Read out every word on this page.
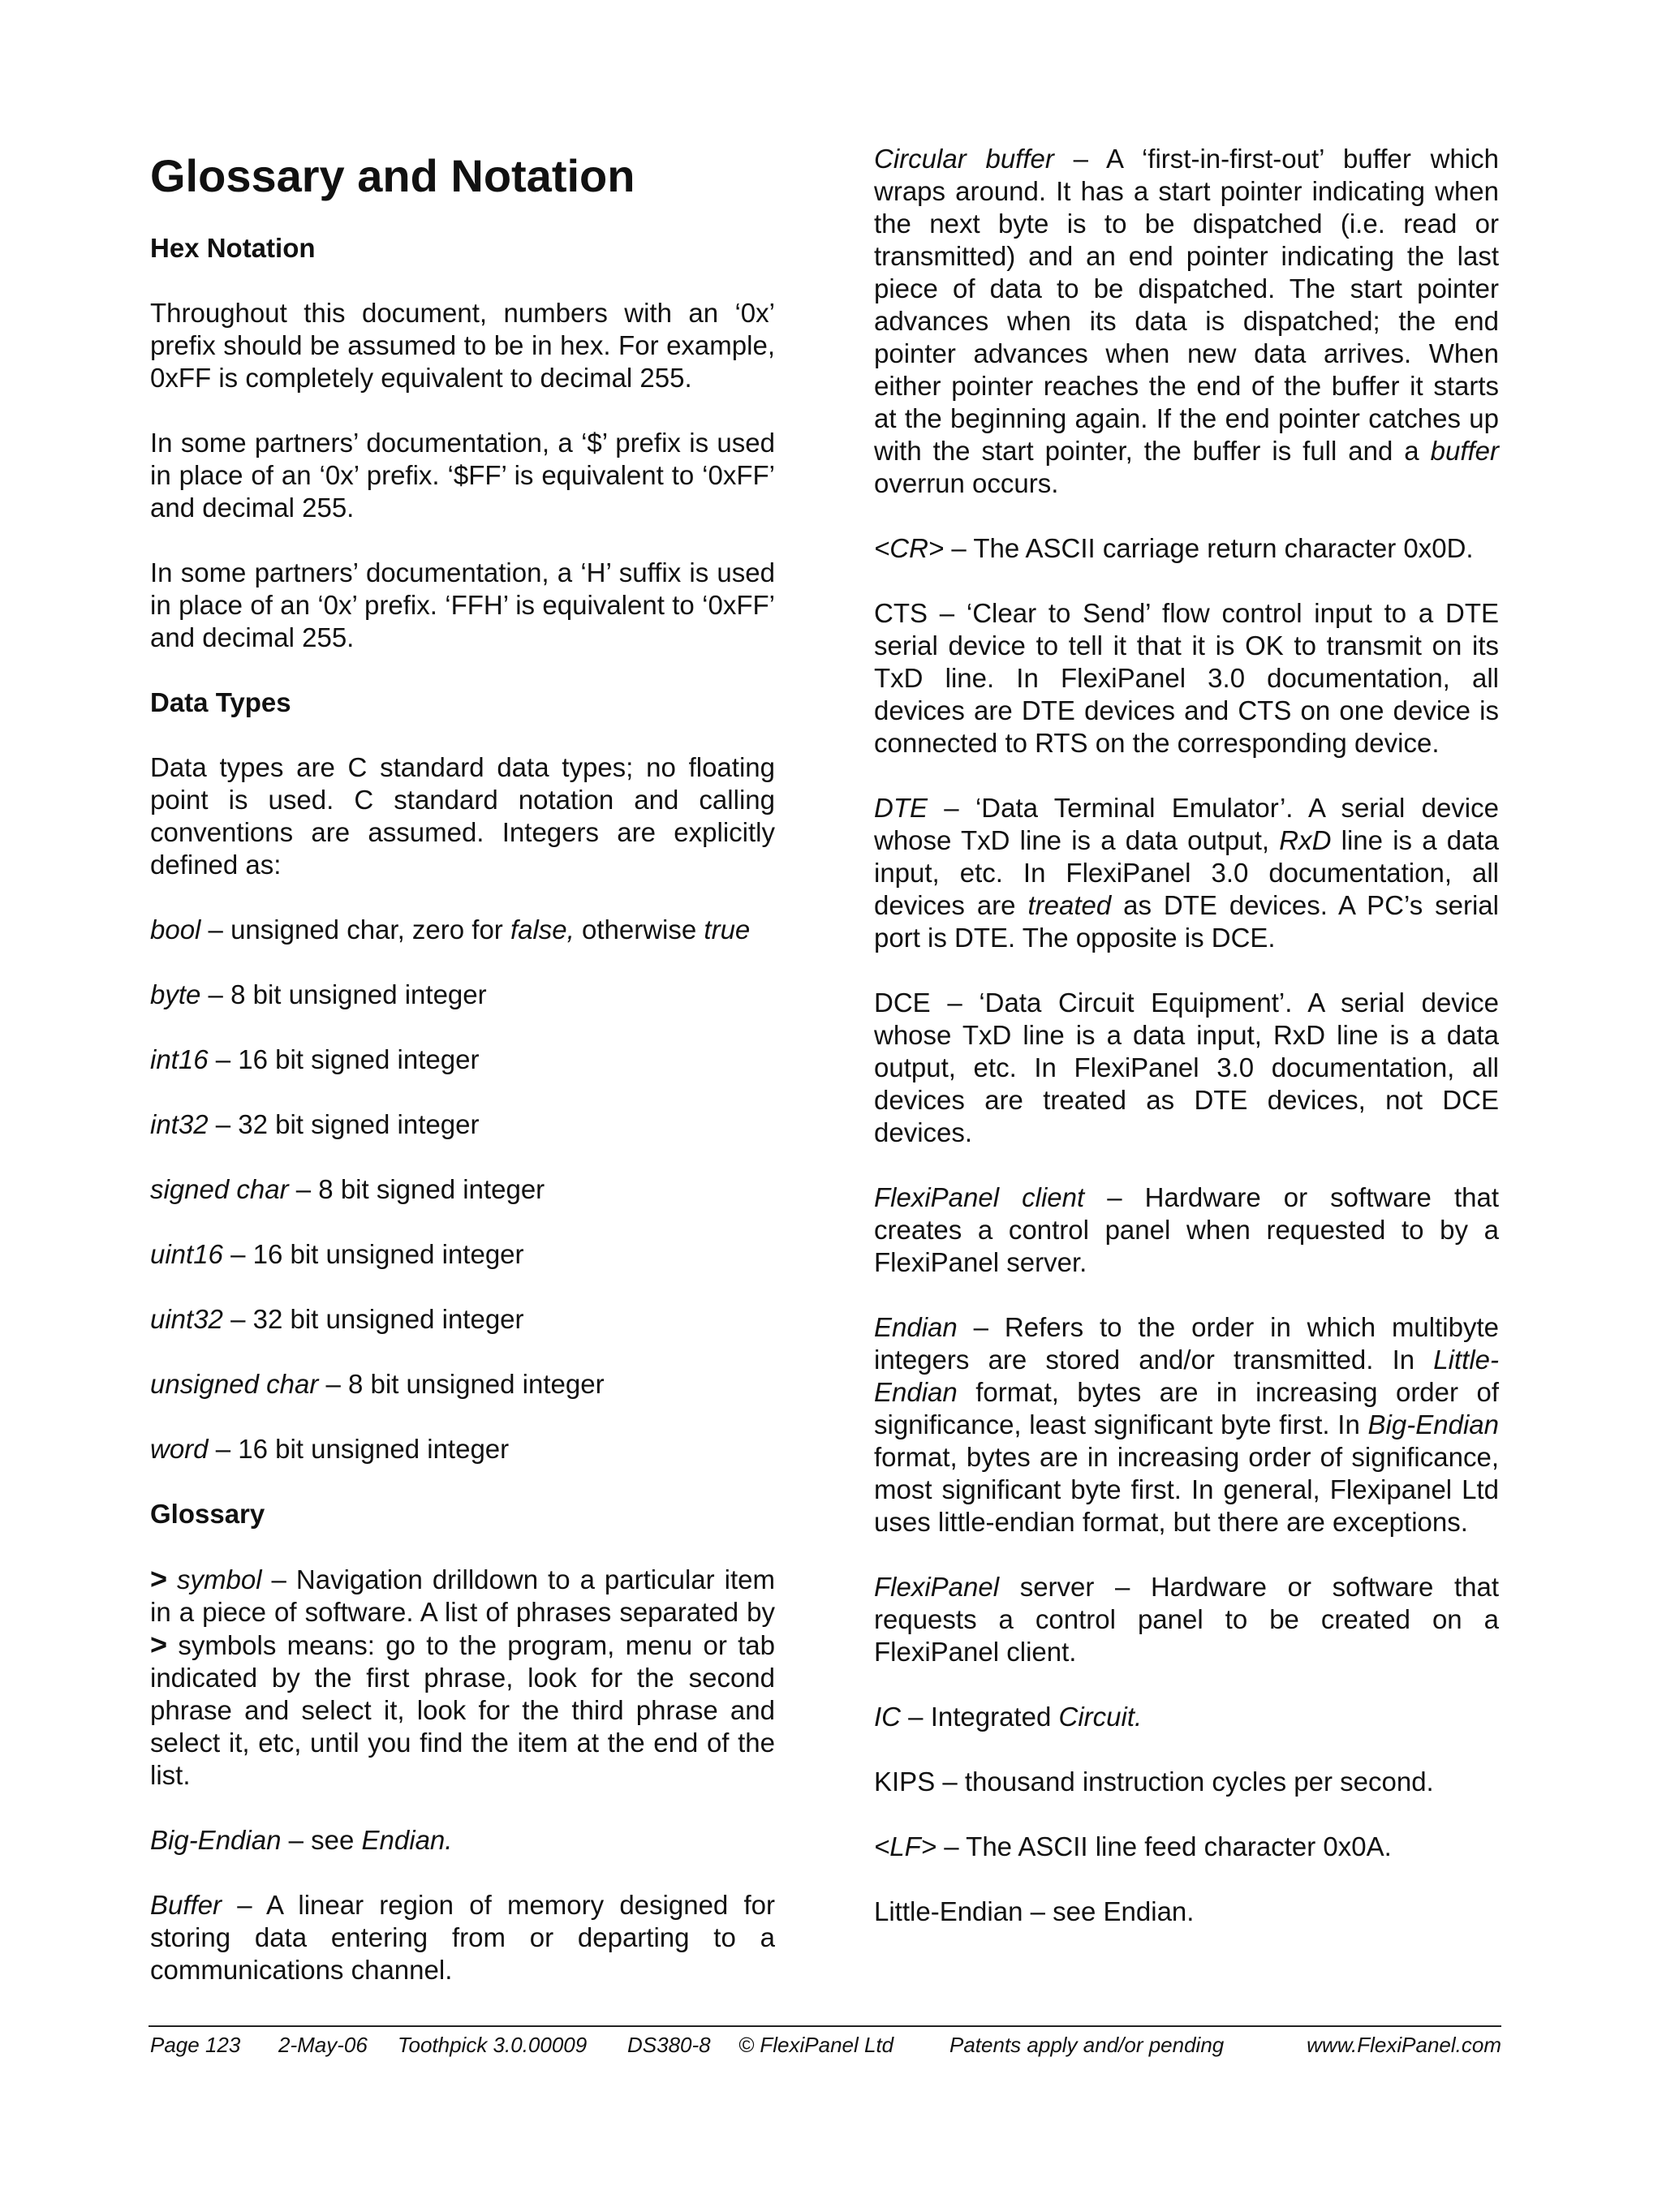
Glossary and Notation
Hex Notation
Throughout this document, numbers with an ‘0x’ prefix should be assumed to be in hex. For example, 0xFF is completely equivalent to decimal 255.
In some partners’ documentation, a ‘$’ prefix is used in place of an ‘0x’ prefix. ‘$FF’ is equivalent to ‘0xFF’ and decimal 255.
In some partners’ documentation, a ‘H’ suffix is used in place of an ‘0x’ prefix. ‘FFH’ is equivalent to ‘0xFF’ and decimal 255.
Data Types
Data types are C standard data types; no floating point is used. C standard notation and calling conventions are assumed. Integers are explicitly defined as:
bool – unsigned char, zero for false, otherwise true
byte – 8 bit unsigned integer
int16 – 16 bit signed integer
int32 – 32 bit signed integer
signed char – 8 bit signed integer
uint16 – 16 bit unsigned integer
uint32 – 32 bit unsigned integer
unsigned char – 8 bit unsigned integer
word – 16 bit unsigned integer
Glossary
> symbol – Navigation drilldown to a particular item in a piece of software. A list of phrases separated by > symbols means: go to the program, menu or tab indicated by the first phrase, look for the second phrase and select it, look for the third phrase and select it, etc, until you find the item at the end of the list.
Big-Endian – see Endian.
Buffer – A linear region of memory designed for storing data entering from or departing to a communications channel.
Circular buffer – A ‘first-in-first-out’ buffer which wraps around. It has a start pointer indicating when the next byte is to be dispatched (i.e. read or transmitted) and an end pointer indicating the last piece of data to be dispatched. The start pointer advances when its data is dispatched; the end pointer advances when new data arrives. When either pointer reaches the end of the buffer it starts at the beginning again. If the end pointer catches up with the start pointer, the buffer is full and a buffer overrun occurs.
<CR> – The ASCII carriage return character 0x0D.
CTS – ‘Clear to Send’ flow control input to a DTE serial device to tell it that it is OK to transmit on its TxD line. In FlexiPanel 3.0 documentation, all devices are DTE devices and CTS on one device is connected to RTS on the corresponding device.
DTE – ‘Data Terminal Emulator’. A serial device whose TxD line is a data output, RxD line is a data input, etc. In FlexiPanel 3.0 documentation, all devices are treated as DTE devices. A PC’s serial port is DTE. The opposite is DCE.
DCE – ‘Data Circuit Equipment’. A serial device whose TxD line is a data input, RxD line is a data output, etc. In FlexiPanel 3.0 documentation, all devices are treated as DTE devices, not DCE devices.
FlexiPanel client – Hardware or software that creates a control panel when requested to by a FlexiPanel server.
Endian – Refers to the order in which multibyte integers are stored and/or transmitted. In Little-Endian format, bytes are in increasing order of significance, least significant byte first. In Big-Endian format, bytes are in increasing order of significance, most significant byte first. In general, Flexipanel Ltd uses little-endian format, but there are exceptions.
FlexiPanel server – Hardware or software that requests a control panel to be created on a FlexiPanel client.
IC – Integrated Circuit.
KIPS – thousand instruction cycles per second.
<LF> – The ASCII line feed character 0x0A.
Little-Endian – see Endian.
Page 123 2-May-06 Toothpick 3.0.00009 DS380-8 © FlexiPanel Ltd	Patents apply and/or pending	www.FlexiPanel.com
